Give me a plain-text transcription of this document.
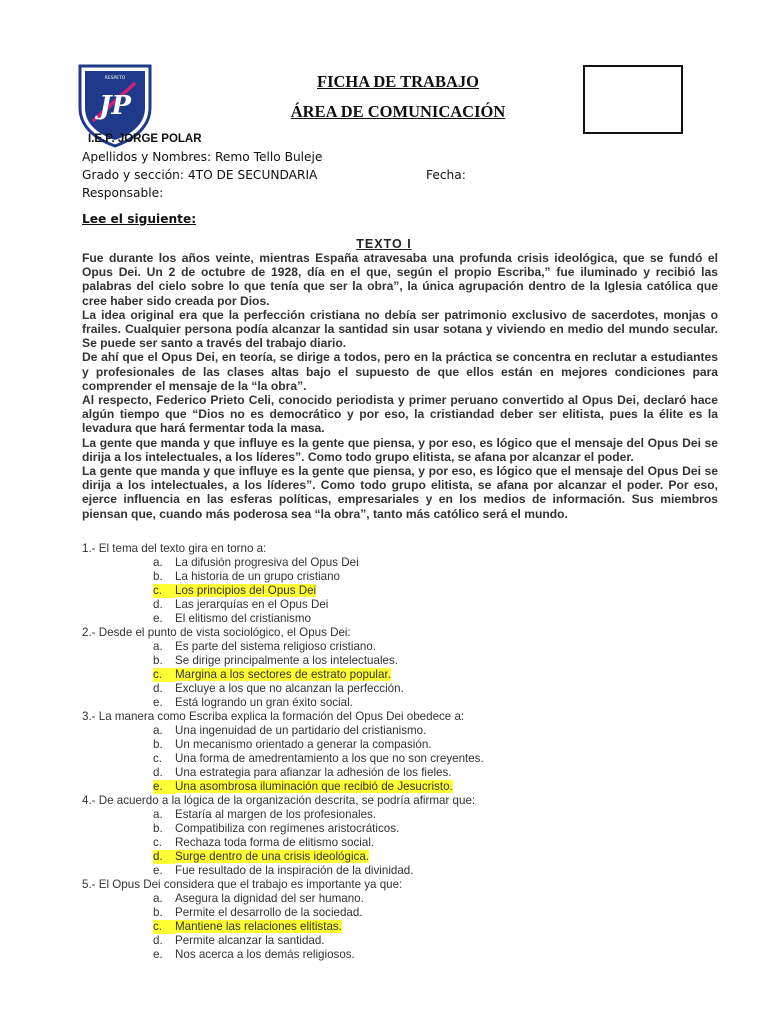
RESPETO
JP
FICHA DE TRABAJO
ÁREA DE COMUNICACIÓN
I.E.P. JORGE POLAR
Apellidos y Nombres: Remo Tello Buleje
Grado y sección: 4TO DE SECUNDARIA	Fecha:
Responsable:
Lee el siguiente:
TEXTO I

Fue durante los años veinte, mientras España atravesaba una profunda crisis ideológica, que se fundó el Opus Dei. Un 2 de octubre de 1928, día en el que, según el propio Escriba,” fue iluminado y recibió las palabras del cielo sobre lo que tenía que ser la obra”, la única agrupación dentro de la Iglesia católica que cree haber sido creada por Dios.

La idea original era que la perfección cristiana no debía ser patrimonio exclusivo de sacerdotes, monjas o frailes. Cualquier persona podía alcanzar la santidad sin usar sotana y viviendo en medio del mundo secular. Se puede ser santo a través del trabajo diario.

De ahí que el Opus Dei, en teoría, se dirige a todos, pero en la práctica se concentra en reclutar a estudiantes y profesionales de las clases altas bajo el supuesto de que ellos están en mejores condiciones para comprender el mensaje de la “la obra”.

Al respecto, Federico Prieto Celi, conocido periodista y primer peruano convertido al Opus Dei, declaró hace algún tiempo que “Dios no es democrático y por eso, la cristiandad deber ser elitista, pues la élite es la levadura que hará fermentar toda la masa.

La gente que manda y que influye es la gente que piensa, y por eso, es lógico que el mensaje del Opus Dei se dirija a los intelectuales, a los líderes”. Como todo grupo elitista, se afana por alcanzar el poder.

La gente que manda y que influye es la gente que piensa, y por eso, es lógico que el mensaje del Opus Dei se dirija a los intelectuales, a los líderes”. Como todo grupo elitista, se afana por alcanzar el poder. Por eso, ejerce influencia en las esferas políticas, empresariales y en los medios de información. Sus miembros piensan que, cuando más poderosa sea “la obra”, tanto más católico será el mundo.

1.- El tema del texto gira en torno a:
a. La difusión progresiva del Opus Dei
b. La historia de un grupo cristiano
c. Los principios del Opus Dei
d. Las jerarquías en el Opus Dei
e. El elitismo del cristianismo
2.- Desde el punto de vista sociológico, el Opus Dei:
a. Es parte del sistema religioso cristiano.
b. Se dirige principalmente a los intelectuales.
c. Margina a los sectores de estrato popular.
d. Excluye a los que no alcanzan la perfección.
e. Está logrando un gran éxito social.
3.- La manera como Escriba explica la formación del Opus Dei obedece a:
a. Una ingenuidad de un partidario del cristianismo.
b. Un mecanismo orientado a generar la compasión.
c. Una forma de amedrentamiento a los que no son creyentes.
d. Una estrategia para afianzar la adhesión de los fieles.
e. Una asombrosa iluminación que recibió de Jesucristo.
4.- De acuerdo a la lógica de la organización descrita, se podría afirmar que:
a. Estaría al margen de los profesionales.
b. Compatibiliza con regímenes aristocráticos.
c. Rechaza toda forma de elitismo social.
d. Surge dentro de una crisis ideológica.
e. Fue resultado de la inspiración de la divinidad.
5.- El Opus Dei considera que el trabajo es importante ya que:
a. Asegura la dignidad del ser humano.
b. Permite el desarrollo de la sociedad.
c. Mantiene las relaciones elitistas.
d. Permite alcanzar la santidad.
e. Nos acerca a los demás religiosos.
